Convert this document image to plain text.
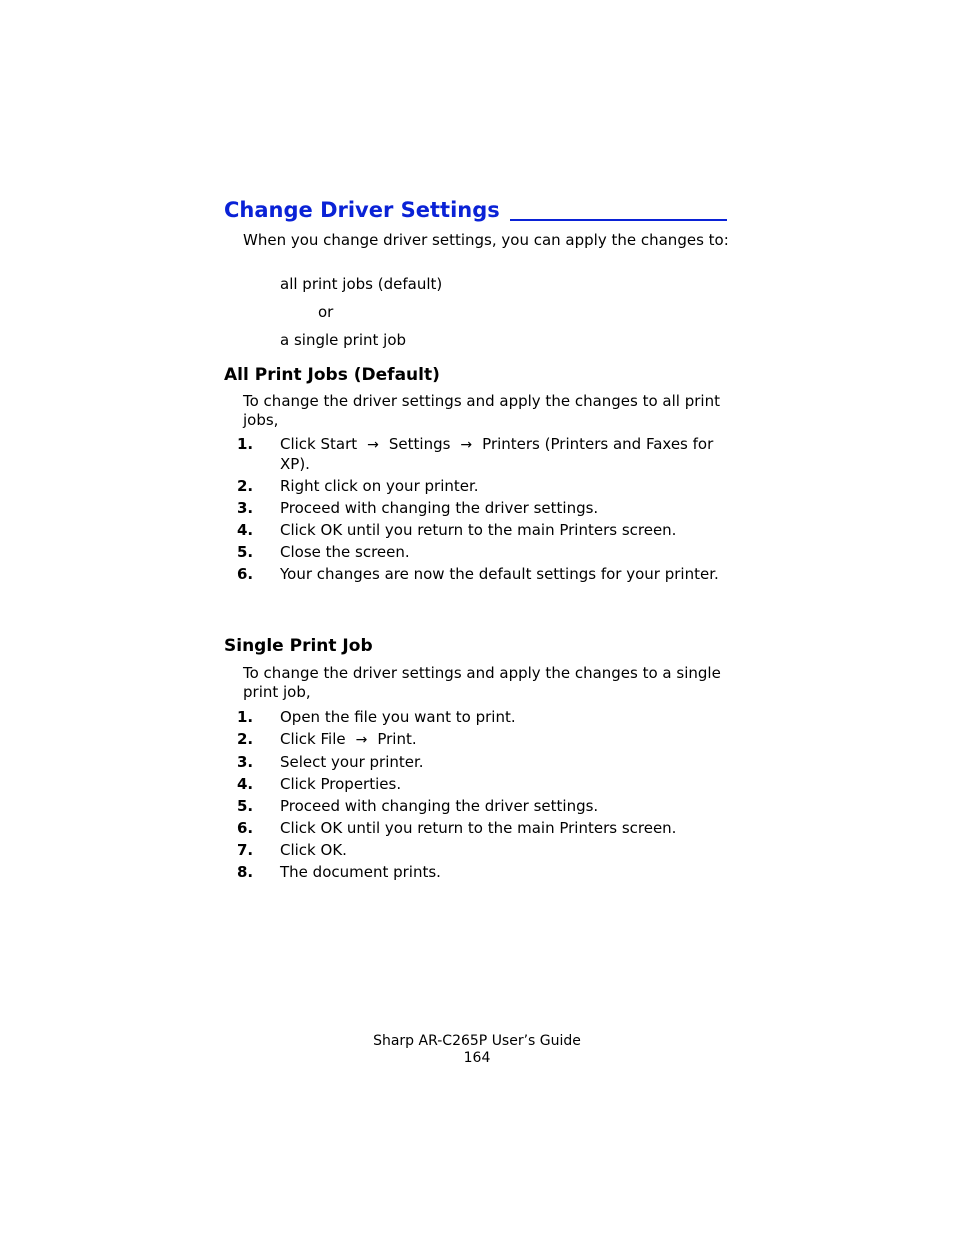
Change Driver Settings

When you change driver settings, you can apply the changes to:

all print jobs (default)

or

a single print job

All Print Jobs (Default)

To change the driver settings and apply the changes to all print jobs,

1. Click Start → Settings → Printers (Printers and Faxes for XP).
2. Right click on your printer.
3. Proceed with changing the driver settings.
4. Click OK until you return to the main Printers screen.
5. Close the screen.
6. Your changes are now the default settings for your printer.
Single Print Job

To change the driver settings and apply the changes to a single print job,

1. Open the file you want to print.
2. Click File → Print.
3. Select your printer.
4. Click Properties.
5. Proceed with changing the driver settings.
6. Click OK until you return to the main Printers screen.
7. Click OK.
8. The document prints.

Sharp AR-C265P User’s Guide

164
